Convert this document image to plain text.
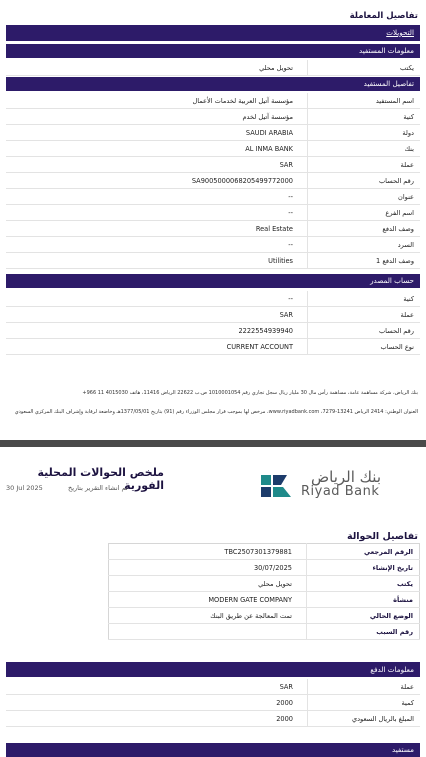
تفاصيل المعاملة
التحويلات
معلومات المستفيد
تحويل محلي	يكتب
تفاصيل المستفيد
مؤسسة آتيل العربية لخدمات الأعمال	اسم المستفيد
مؤسسة آتيل لخدم	كنية
SAUDI ARABIA	دولة
AL INMA BANK	بنك
SAR	عملة
SA9005000068205499772000	رقم الحساب
--	عنوان
--	اسم الفرع
Real Estate	وصف الدفع
--	السرد
Utilities	وصف الدفع 1
حساب المصدر
--	كنية
SAR	عملة
2222554939940	رقم الحساب
CURRENT ACCOUNT	نوع الحساب
بنك الرياض، شركة مساهمة عامة، مساهمة رأس مال 30 مليار ريال سجل تجاري رقم 1010001054 ص.ب 22622 الرياض 11416، هاتف 4015030 11 966+
العنوان الوطني: 2414 الرياض 13241-7279، www.riyadbank.com، مرخص لها بموجب قرار مجلس الوزراء رقم (91) بتاريخ 1377/05/01هـ وخاضعة لرقابة وإشراف البنك المركزي السعودي
بنك الرياض
Riyad Bank
ملخص الحوالات المحلية الفورية
تم انشاء التقرير بتاريخ
30 Jul 2025
تفاصيل الحوالة
TBC2507301379881	الرقم المرجعي
30/07/2025	تاريخ الإنشاء
تحويل محلي	يكتب
MODERN GATE COMPANY	منشأة
تمت المعالجة عن طريق البنك	الوضع الحالي
	رقم السبب
معلومات الدفع
SAR	عملة
2000	كمية
2000	المبلغ بالريال السعودي
مستفيد
